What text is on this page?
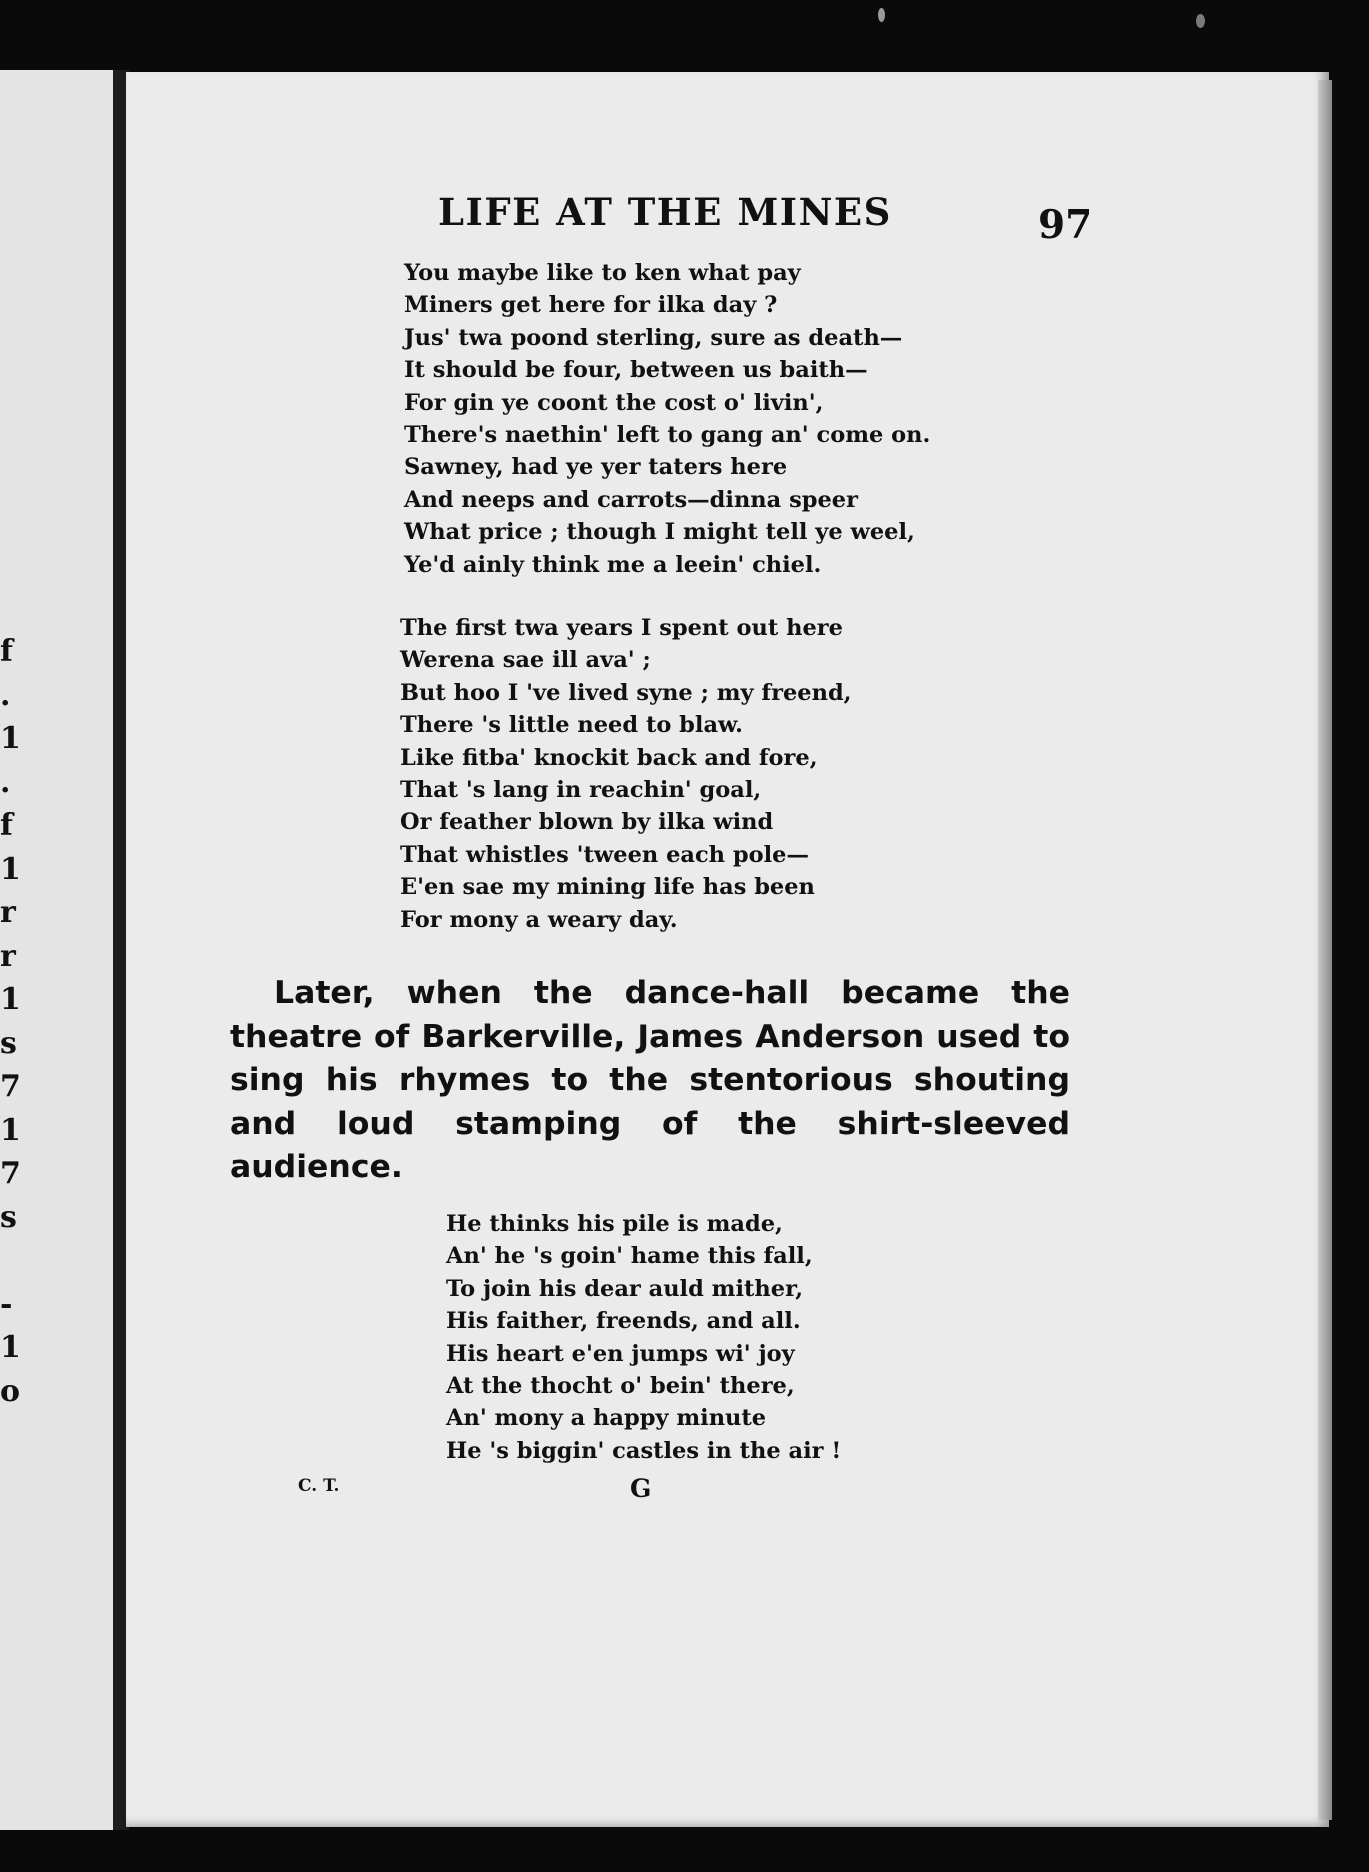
f
.
1
.
f
1
r
r
1
s
7
1
7
s
-
1
o
LIFE AT THE MINES	97
You maybe like to ken what pay
Miners get here for ilka day ?
Jus' twa poond sterling, sure as death—
It should be four, between us baith—
For gin ye coont the cost o' livin',
There's naethin' left to gang an' come on.
Sawney, had ye yer taters here
And neeps and carrots—dinna speer
What price ; though I might tell ye weel,
Ye'd ainly think me a leein' chiel.
The first twa years I spent out here
Werena sae ill ava' ;
But hoo I 've lived syne ; my freend,
There 's little need to blaw.
Like fitba' knockit back and fore,
That 's lang in reachin' goal,
Or feather blown by ilka wind
That whistles 'tween each pole—
E'en sae my mining life has been
For mony a weary day.
Later, when the dance-hall became the theatre of Barkerville, James Anderson used to sing his rhymes to the stentorious shouting and loud stamping of the shirt-sleeved audience.
He thinks his pile is made,
An' he 's goin' hame this fall,
To join his dear auld mither,
His faither, freends, and all.
His heart e'en jumps wi' joy
At the thocht o' bein' there,
An' mony a happy minute
He 's biggin' castles in the air !
C. T.	G
